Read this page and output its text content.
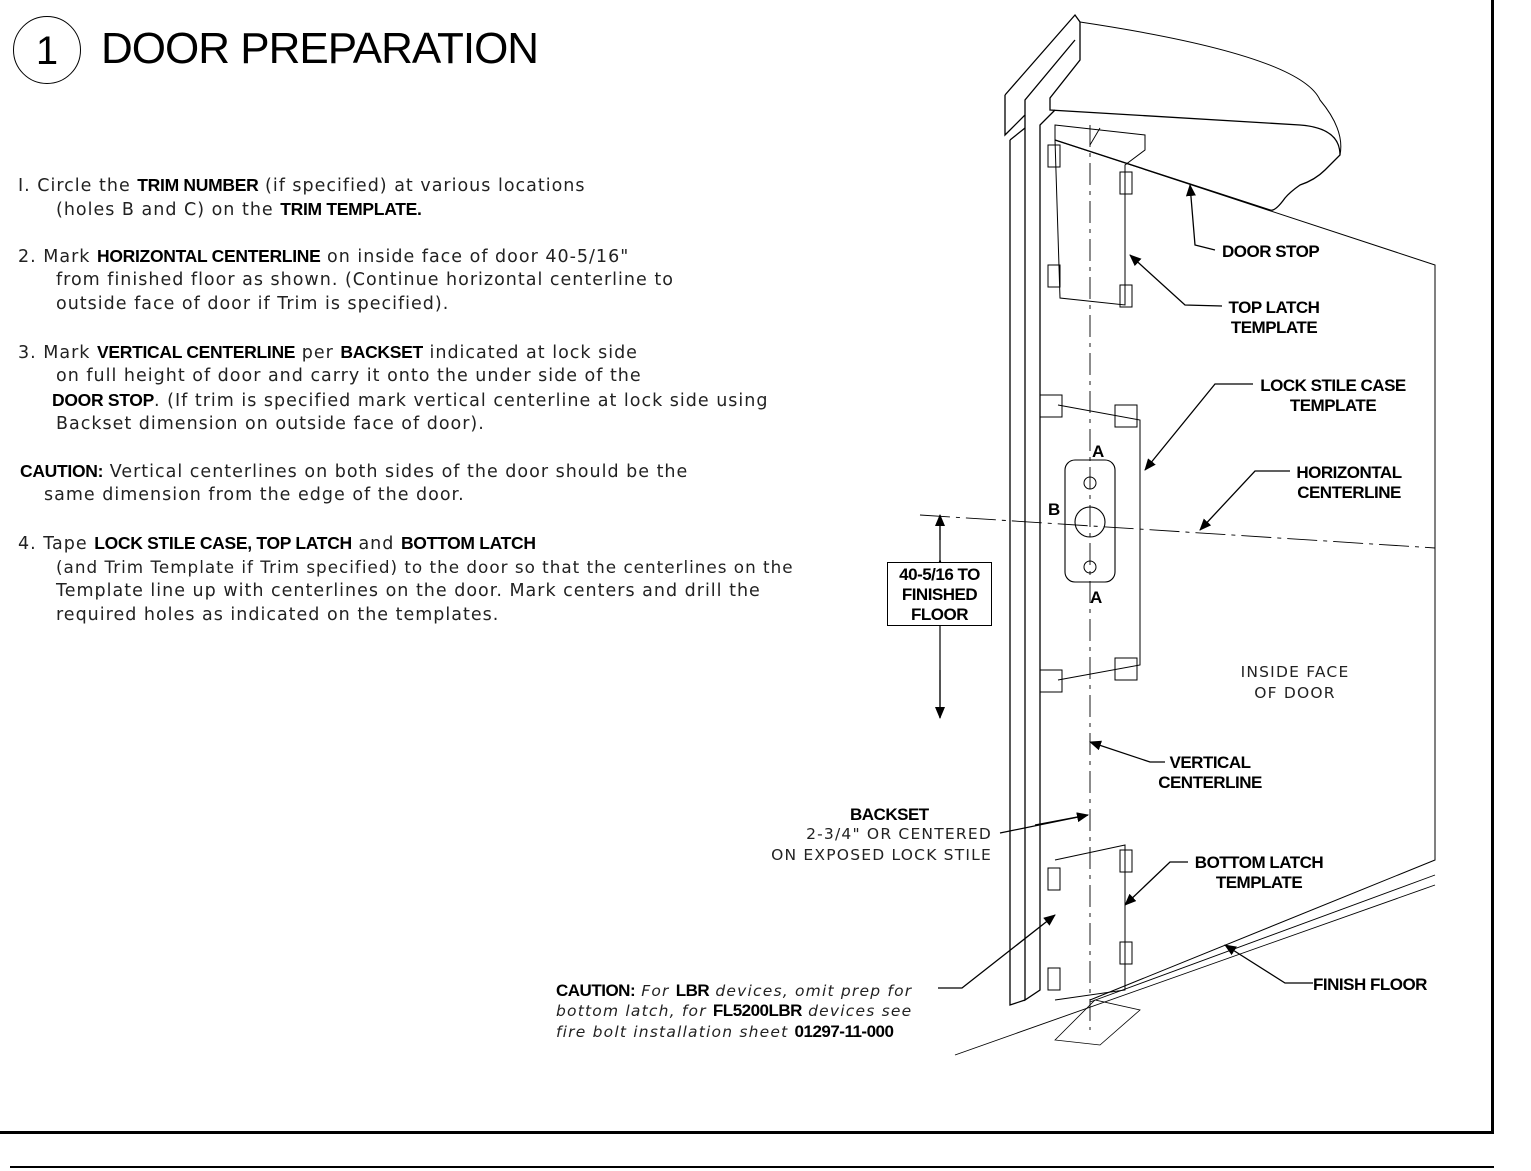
1 DOOR PREPARATION
I. Circle the TRIM NUMBER (if specified) at various locations
(holes B and C) on the TRIM TEMPLATE.
2. Mark HORIZONTAL CENTERLINE on inside face of door 40-5/16"
from finished floor as shown. (Continue horizontal centerline to
outside face of door if Trim is specified).
3. Mark VERTICAL CENTERLINE per BACKSET indicated at lock side
on full height of door and carry it onto the under side of the
DOOR STOP. (If trim is specified mark vertical centerline at lock side using
Backset dimension on outside face of door).
CAUTION: Vertical centerlines on both sides of the door should be the
same dimension from the edge of the door.
4. Tape LOCK STILE CASE, TOP LATCH and BOTTOM LATCH
(and Trim Template if Trim specified) to the door so that the centerlines on the
Template line up with centerlines on the door. Mark centers and drill the
required holes as indicated on the templates.
40-5/16 TO
FINISHED
FLOOR
DOOR STOP
TOP LATCH
TEMPLATE
LOCK STILE CASE
TEMPLATE
HORIZONTAL
CENTERLINE
INSIDE FACE
OF DOOR
VERTICAL
CENTERLINE
BACKSET
2-3/4" OR CENTERED
ON EXPOSED LOCK STILE	BOTTOM LATCH
TEMPLATE
FINISH FLOOR
A
B
A
CAUTION: For LBR devices, omit prep for
bottom latch, for FL5200LBR devices see
fire bolt installation sheet 01297-11-000
